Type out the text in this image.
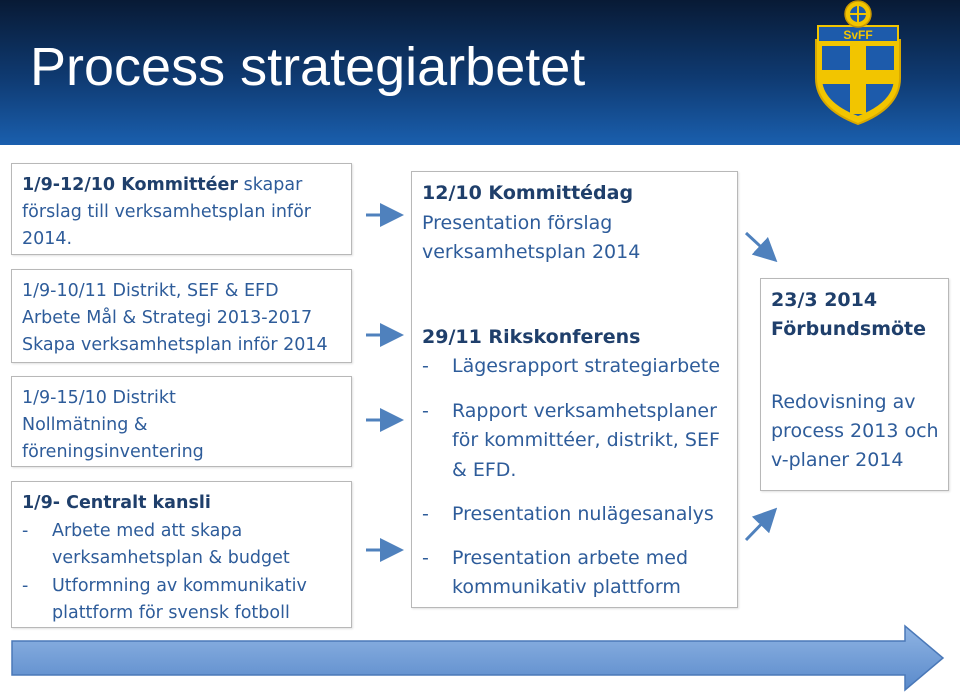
Process strategiarbetet
SvFF
1/9-12/10 Kommittéer skapar
förslag till verksamhetsplan inför
2014.
1/9-10/11 Distrikt, SEF & EFD
Arbete Mål & Strategi 2013-2017
Skapa verksamhetsplan inför 2014
1/9-15/10 Distrikt
Nollmätning &
föreningsinventering
1/9- Centralt kansli
-	Arbete med att skapa
verksamhetsplan & budget
-	Utformning av kommunikativ
plattform för svensk fotboll
12/10 Kommittédag
Presentation förslag
verksamhetsplan 2014
29/11 Rikskonferens
-	Lägesrapport strategiarbete
-	Rapport verksamhetsplaner
för kommittéer, distrikt, SEF
& EFD.
-	Presentation nulägesanalys
-	Presentation arbete med
kommunikativ plattform
23/3 2014
Förbundsmöte
Redovisning av
process 2013 och
v-planer 2014
